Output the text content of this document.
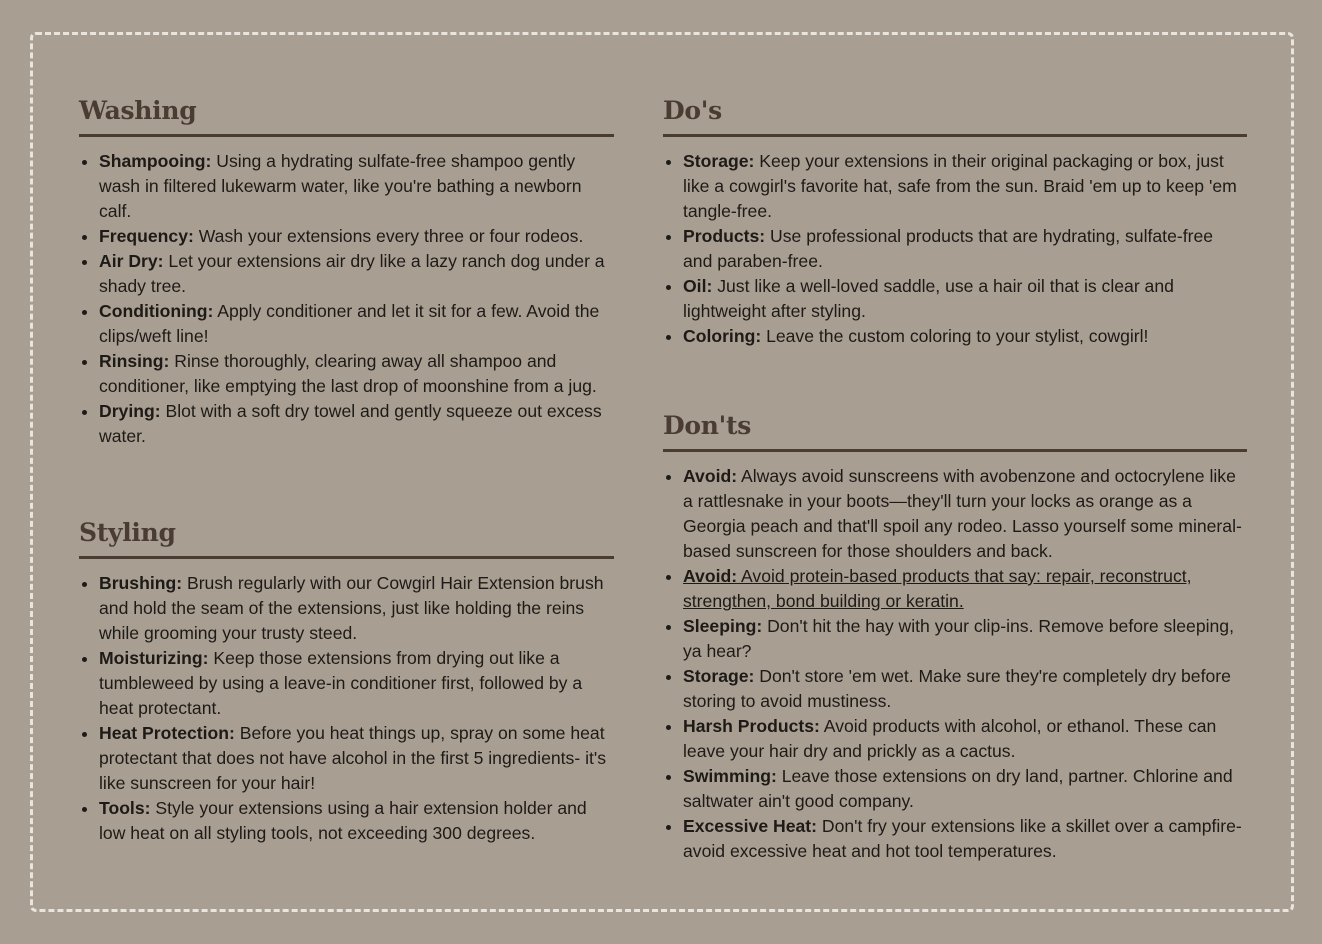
Washing
• Shampooing: Using a hydrating sulfate-free shampoo gently wash in filtered lukewarm water, like you're bathing a newborn calf.
• Frequency: Wash your extensions every three or four rodeos.
• Air Dry: Let your extensions air dry like a lazy ranch dog under a shady tree.
• Conditioning: Apply conditioner and let it sit for a few. Avoid the clips/weft line!
• Rinsing: Rinse thoroughly, clearing away all shampoo and conditioner, like emptying the last drop of moonshine from a jug.
• Drying: Blot with a soft dry towel and gently squeeze out excess water.
Styling
• Brushing: Brush regularly with our Cowgirl Hair Extension brush and hold the seam of the extensions, just like holding the reins while grooming your trusty steed.
• Moisturizing: Keep those extensions from drying out like a tumbleweed by using a leave-in conditioner first, followed by a heat protectant.
• Heat Protection: Before you heat things up, spray on some heat protectant that does not have alcohol in the first 5 ingredients- it's like sunscreen for your hair!
• Tools: Style your extensions using a hair extension holder and low heat on all styling tools, not exceeding 300 degrees.
Do's
• Storage: Keep your extensions in their original packaging or box, just like a cowgirl's favorite hat, safe from the sun. Braid 'em up to keep 'em tangle-free.
• Products: Use professional products that are hydrating, sulfate-free and paraben-free.
• Oil: Just like a well-loved saddle, use a hair oil that is clear and lightweight after styling.
• Coloring: Leave the custom coloring to your stylist, cowgirl!
Don'ts
• Avoid: Always avoid sunscreens with avobenzone and octocrylene like a rattlesnake in your boots—they'll turn your locks as orange as a Georgia peach and that'll spoil any rodeo. Lasso yourself some mineral-based sunscreen for those shoulders and back.
• Avoid: Avoid protein-based products that say: repair, reconstruct, strengthen, bond building or keratin.
• Sleeping: Don't hit the hay with your clip-ins. Remove before sleeping, ya hear?
• Storage: Don't store 'em wet. Make sure they're completely dry before storing to avoid mustiness.
• Harsh Products: Avoid products with alcohol, or ethanol. These can leave your hair dry and prickly as a cactus.
• Swimming: Leave those extensions on dry land, partner. Chlorine and saltwater ain't good company.
• Excessive Heat: Don't fry your extensions like a skillet over a campfire- avoid excessive heat and hot tool temperatures.
